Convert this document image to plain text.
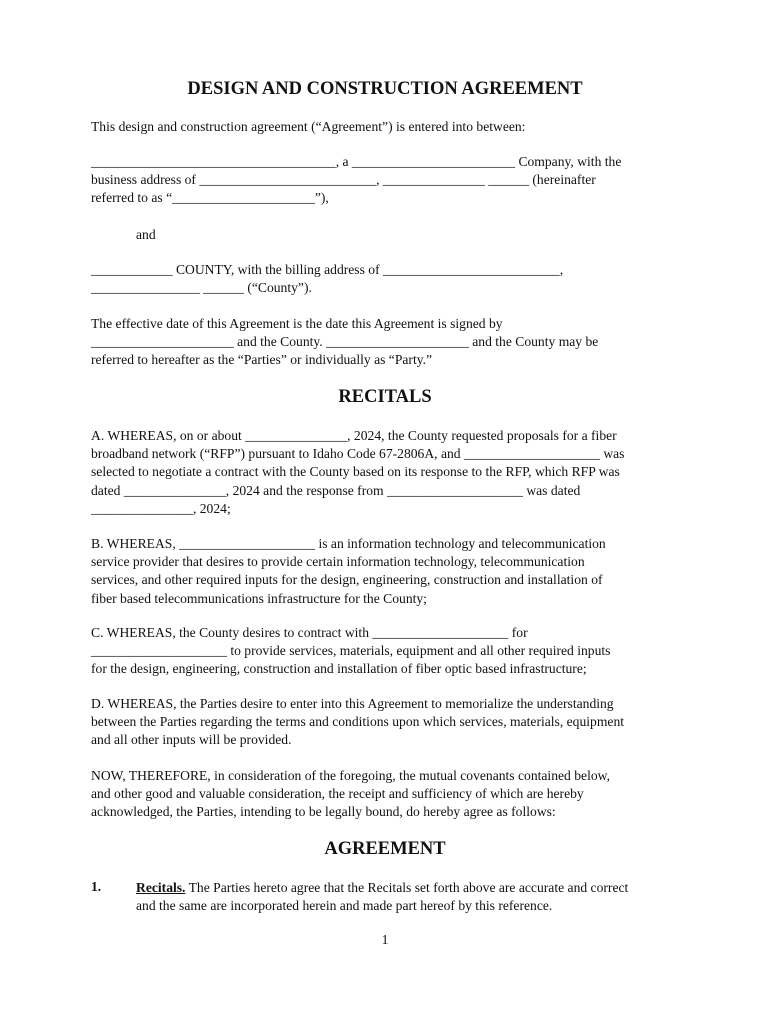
DESIGN AND CONSTRUCTION AGREEMENT
This design and construction agreement (“Agreement”) is entered into between:
____________________________________, a ________________________ Company, with the
business address of __________________________, _______________ ______ (hereinafter
referred to as “_____________________”),
and
____________ COUNTY, with the billing address of __________________________,
________________ ______ (“County”).
The effective date of this Agreement is the date this Agreement is signed by
_____________________ and the County. _____________________ and the County may be
referred to hereafter as the “Parties” or individually as “Party.”
RECITALS
A. WHEREAS, on or about _______________, 2024, the County requested proposals for a fiber
broadband network (“RFP”) pursuant to Idaho Code 67-2806A, and ____________________ was
selected to negotiate a contract with the County based on its response to the RFP, which RFP was
dated _______________, 2024 and the response from ____________________ was dated
_______________, 2024;
B. WHEREAS, ____________________ is an information technology and telecommunication
service provider that desires to provide certain information technology, telecommunication
services, and other required inputs for the design, engineering, construction and installation of
fiber based telecommunications infrastructure for the County;
C. WHEREAS, the County desires to contract with ____________________ for
____________________ to provide services, materials, equipment and all other required inputs
for the design, engineering, construction and installation of fiber optic based infrastructure;
D. WHEREAS, the Parties desire to enter into this Agreement to memorialize the understanding
between the Parties regarding the terms and conditions upon which services, materials, equipment
and all other inputs will be provided.
NOW, THEREFORE, in consideration of the foregoing, the mutual covenants contained below,
and other good and valuable consideration, the receipt and sufficiency of which are hereby
acknowledged, the Parties, intending to be legally bound, do hereby agree as follows:
AGREEMENT
1.	Recitals. The Parties hereto agree that the Recitals set forth above are accurate and correct
and the same are incorporated herein and made part hereof by this reference.
1
